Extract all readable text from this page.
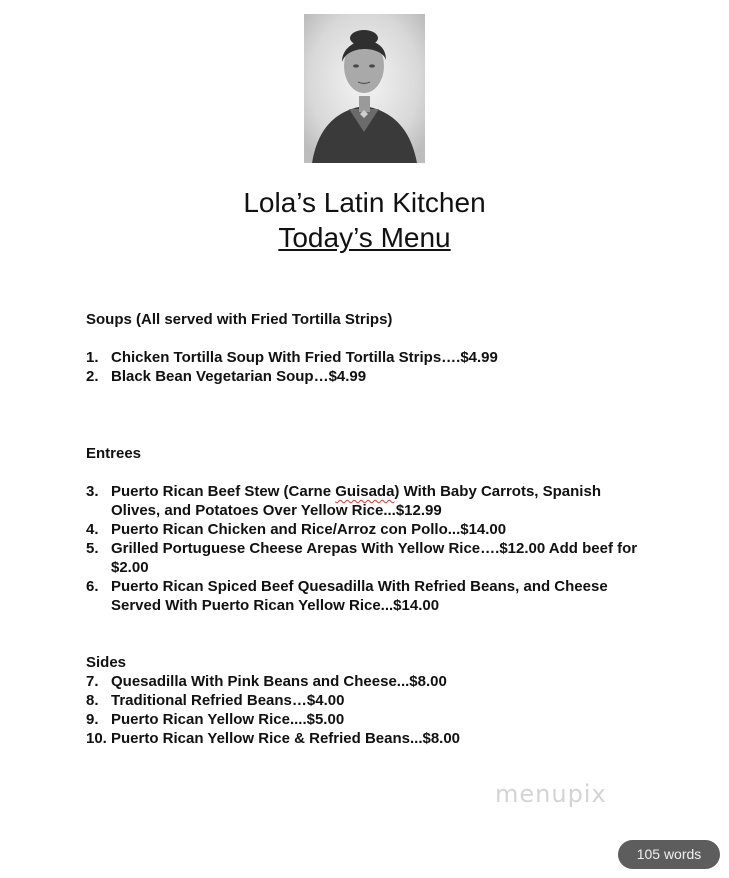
Lola’s Latin Kitchen
Today’s Menu
Soups (All served with Fried Tortilla Strips)
1. Chicken Tortilla Soup With Fried Tortilla Strips….$4.99
2. Black Bean Vegetarian Soup…$4.99
Entrees
3. Puerto Rican Beef Stew (Carne Guisada) With Baby Carrots, Spanish Olives, and Potatoes Over Yellow Rice...$12.99
4. Puerto Rican Chicken and Rice/Arroz con Pollo...$14.00
5. Grilled Portuguese Cheese Arepas With Yellow Rice….$12.00 Add beef for $2.00
6. Puerto Rican Spiced Beef Quesadilla With Refried Beans, and Cheese Served With Puerto Rican Yellow Rice...$14.00
Sides
7. Quesadilla With Pink Beans and Cheese...$8.00
8. Traditional Refried Beans…$4.00
9. Puerto Rican Yellow Rice....$5.00
10. Puerto Rican Yellow Rice & Refried Beans...$8.00
menupix
105 words
